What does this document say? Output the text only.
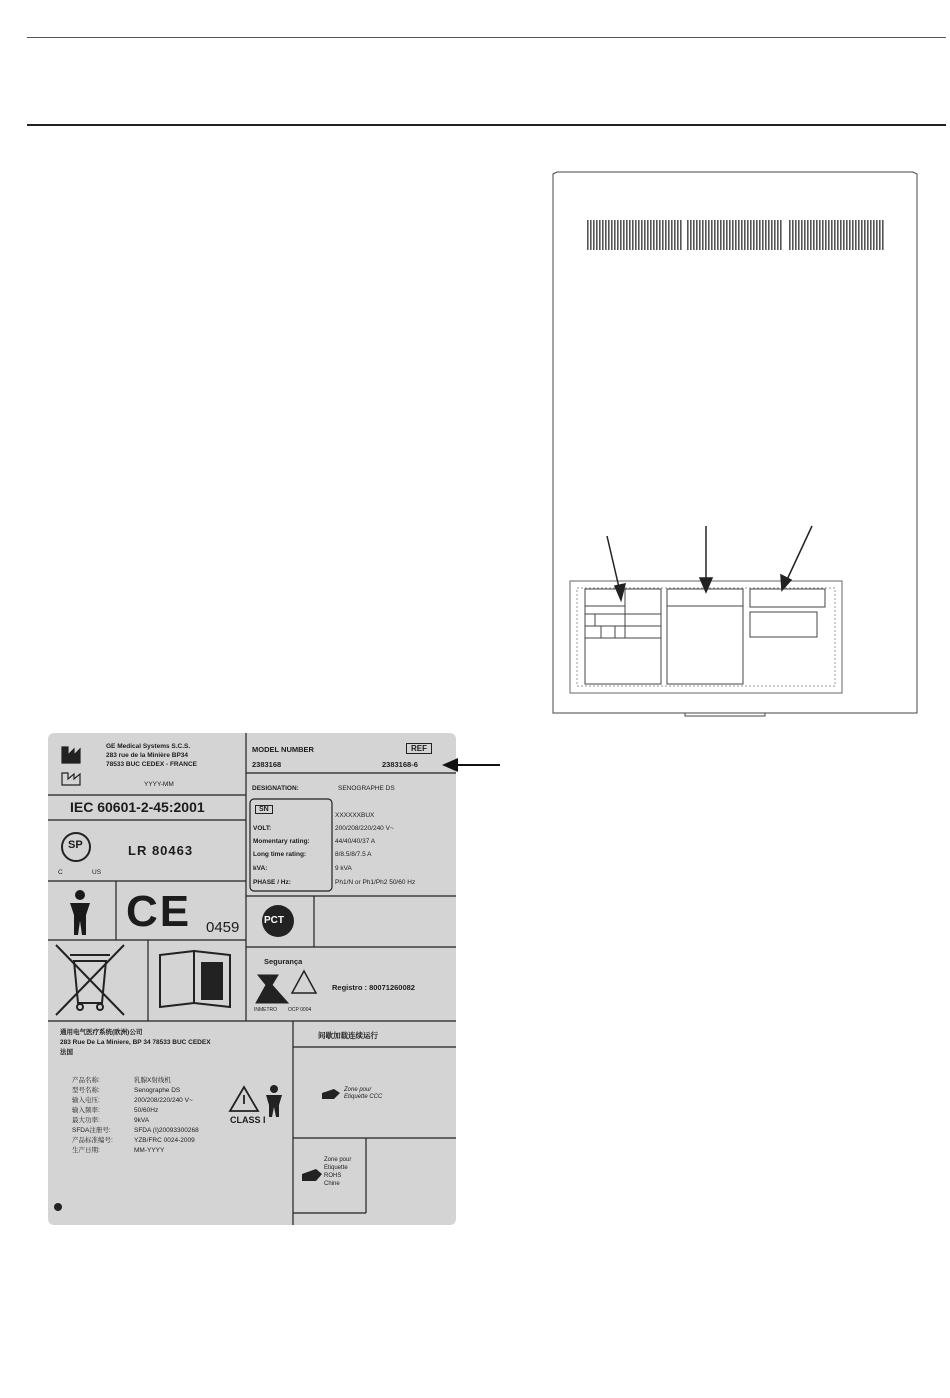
GE Medical Systems S.C.S.
283 rue de la Minière BP34
78533 BUC CEDEX - FRANCE
YYYY-MM
IEC 60601-2-45:2001
SP	LR 80463
C	US
CE 0459
MODEL NUMBER	REF
2383168	2383168-6
DESIGNATION:	SENOGRAPHE DS
SN
XXXXXXBUX
VOLT:	200/208/220/240 V~
Momentary rating:	44/40/40/37 A
Long time rating:	8/8.5/8/7.5 A
kVA:	9 kVA
PHASE / Hz:	Ph1/N or Ph1/Ph2 50/60 Hz
PCT
Segurança
Registro : 80071260082
INMETRO OCP 0004
通用电气医疗系统(欧洲)公司
283 Rue De La Miniere, BP 34 78533 BUC CEDEX
法国
产品名称:	乳腺X射线机
型号名称:	Senographe DS
输入电压:	200/208/220/240 V~
输入频率:	50/60Hz
最大功率:	9kVA
SFDA注册号:	SFDA (I)20093300268
产品标准编号:	YZB/FRC 0024-2009
生产日期:	MM-YYYY
CLASS I
间歇加载连续运行
Zone pour
Etiquette CCC
Zone pour
Etiquette
ROHS
Chine
